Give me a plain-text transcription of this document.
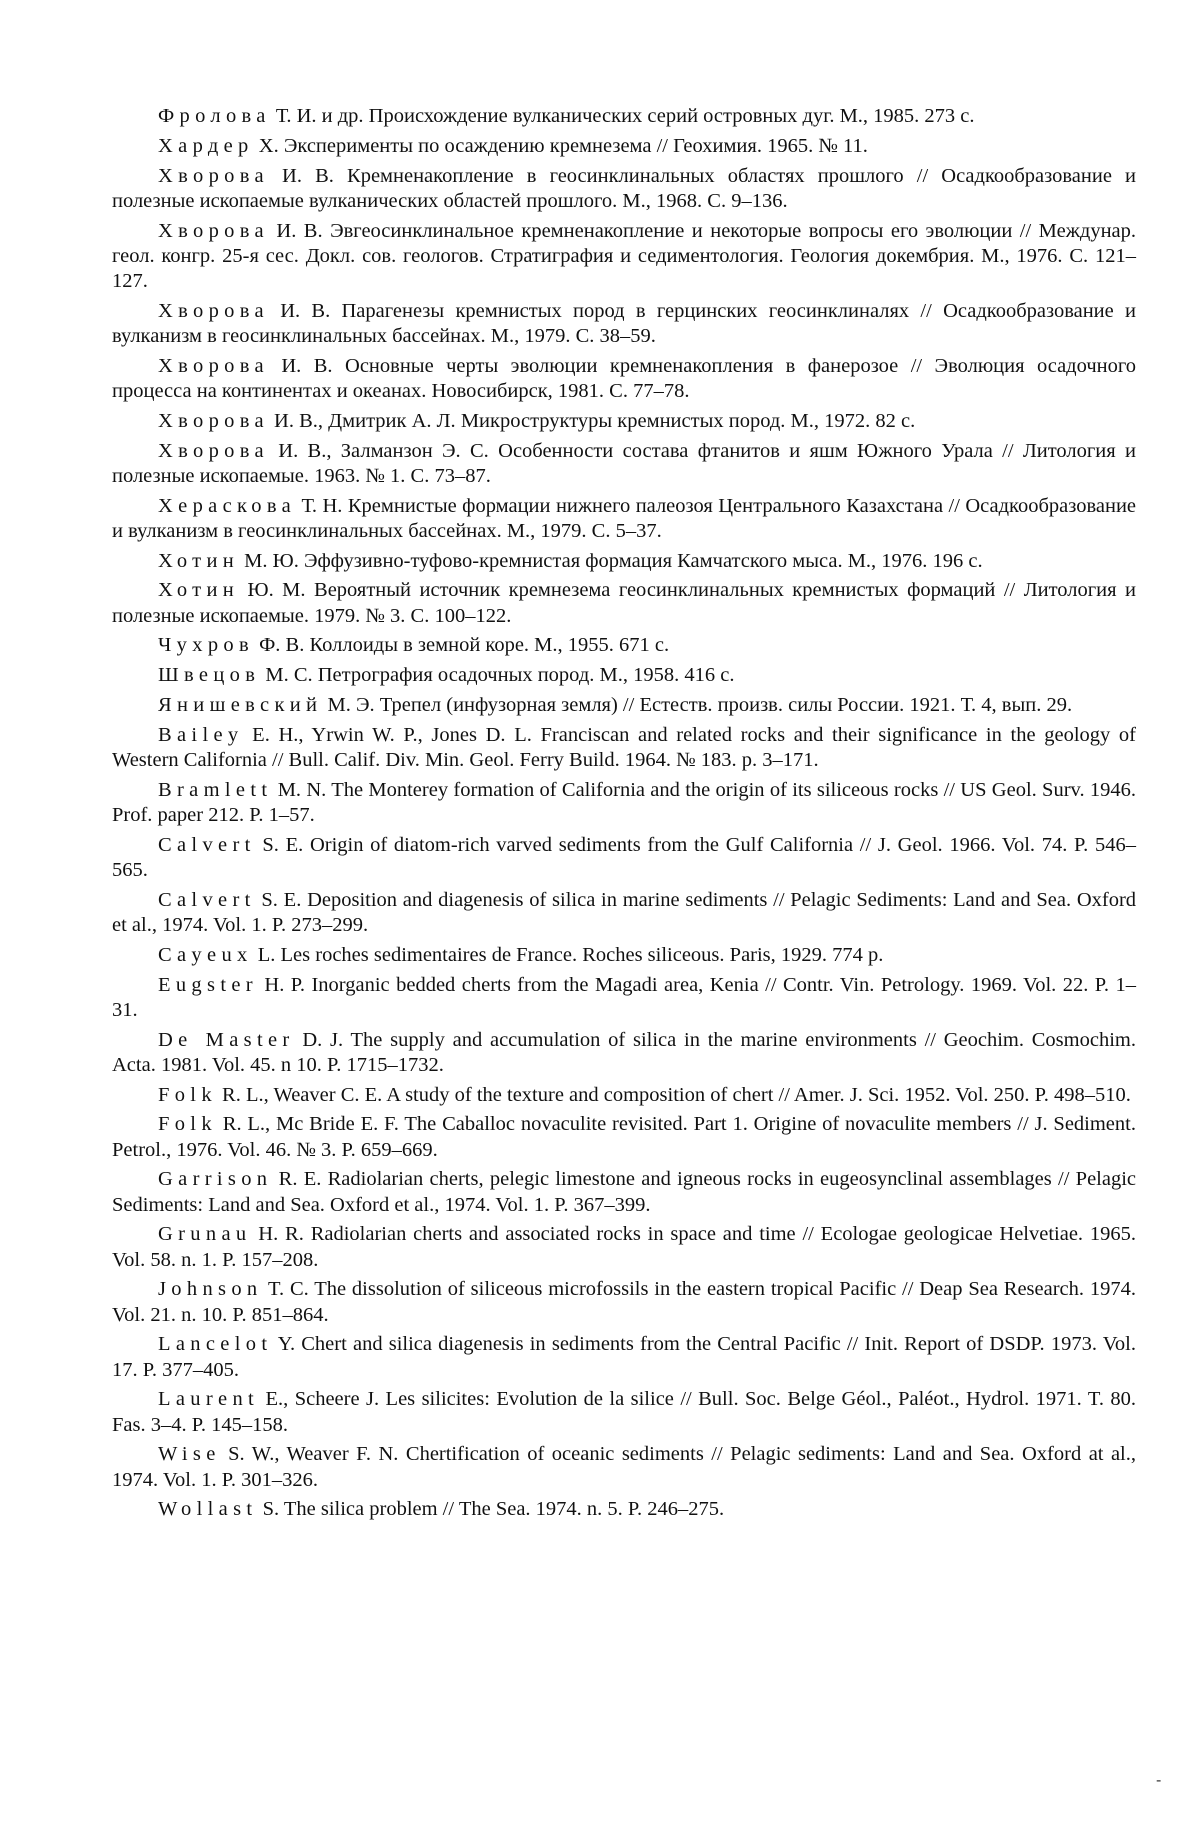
Фролова Т. И. и др. Происхождение вулканических серий островных дуг. М., 1985. 273 с.

Хардер Х. Эксперименты по осаждению кремнезема // Геохимия. 1965. № 11.

Хворова И. В. Кремненакопление в геосинклинальных областях прошлого // Осадкообразование и полезные ископаемые вулканических областей прошлого. М., 1968. С. 9–136.

Хворова И. В. Эвгеосинклинальное кремненакопление и некоторые вопросы его эволюции // Междунар. геол. конгр. 25-я сес. Докл. сов. геологов. Стратиграфия и седиментология. Геология докембрия. М., 1976. С. 121–127.

Хворова И. В. Парагенезы кремнистых пород в герцинских геосинклиналях // Осадкообразование и вулканизм в геосинклинальных бассейнах. М., 1979. С. 38–59.

Хворова И. В. Основные черты эволюции кремненакопления в фанерозое // Эволюция осадочного процесса на континентах и океанах. Новосибирск, 1981. С. 77–78.

Хворова И. В., Дмитрик А. Л. Микроструктуры кремнистых пород. М., 1972. 82 с.

Хворова И. В., Залманзон Э. С. Особенности состава фтанитов и яшм Южного Урала // Литология и полезные ископаемые. 1963. № 1. С. 73–87.

Херaскова Т. Н. Кремнистые формации нижнего палеозоя Центрального Казахстана // Осадкообразование и вулканизм в геосинклинальных бассейнах. М., 1979. С. 5–37.

Хотин М. Ю. Эффузивно-туфово-кремнистая формация Камчатского мыса. М., 1976. 196 с.

Хотин Ю. М. Вероятный источник кремнезема геосинклинальных кремнистых формаций // Литология и полезные ископаемые. 1979. № 3. С. 100–122.

Чухров Ф. В. Коллоиды в земной коре. М., 1955. 671 с.

Швецов М. С. Петрография осадочных пород. М., 1958. 416 с.

Янишевский М. Э. Трепел (инфузорная земля) // Естеств. произв. силы России. 1921. Т. 4, вып. 29.

Bailey E. H., Yrwin W. P., Jones D. L. Franciscan and related rocks and their significance in the geology of Western California // Bull. Calif. Div. Min. Geol. Ferry Build. 1964. № 183. p. 3–171.

Bramlett M. N. The Monterey formation of California and the origin of its siliceous rocks // US Geol. Surv. 1946. Prof. paper 212. P. 1–57.

Calvert S. E. Origin of diatom-rich varved sediments from the Gulf California // J. Geol. 1966. Vol. 74. P. 546–565.

Calvert S. E. Deposition and diagenesis of silica in marine sediments // Pelagic Sediments: Land and Sea. Oxford et al., 1974. Vol. 1. P. 273–299.

Cayeux L. Les roches sedimentaires de France. Roches siliceous. Paris, 1929. 774 p.

Eugster H. P. Inorganic bedded cherts from the Magadi area, Kenia // Contr. Vin. Petrology. 1969. Vol. 22. P. 1–31.

De Master D. J. The supply and accumulation of silica in the marine environments // Geochim. Cosmochim. Acta. 1981. Vol. 45. n 10. P. 1715–1732.

Folk R. L., Weaver C. E. A study of the texture and composition of chert // Amer. J. Sci. 1952. Vol. 250. P. 498–510.

Folk R. L., Mc Bride E. F. The Caballoc novaculite revisited. Part 1. Origine of novaculite members // J. Sediment. Petrol., 1976. Vol. 46. № 3. P. 659–669.

Garrison R. E. Radiolarian cherts, pelegic limestone and igneous rocks in eugeosynclinal assemblages // Pelagic Sediments: Land and Sea. Oxford et al., 1974. Vol. 1. P. 367–399.

Grunau H. R. Radiolarian cherts and associated rocks in space and time // Ecologae geologicae Helvetiae. 1965. Vol. 58. n. 1. P. 157–208.

Johnson T. C. The dissolution of siliceous microfossils in the eastern tropical Pacific // Deap Sea Research. 1974. Vol. 21. n. 10. P. 851–864.

Lancelot Y. Chert and silica diagenesis in sediments from the Central Pacific // Init. Report of DSDP. 1973. Vol. 17. P. 377–405.

Laurent E., Scheere J. Les silicites: Evolution de la silice // Bull. Soc. Belge Géol., Paléot., Hydrol. 1971. T. 80. Fas. 3–4. P. 145–158.

Wise S. W., Weaver F. N. Chertification of oceanic sediments // Pelagic sediments: Land and Sea. Oxford at al., 1974. Vol. 1. P. 301–326.

Wollast S. The silica problem // The Sea. 1974. n. 5. P. 246–275.

-
